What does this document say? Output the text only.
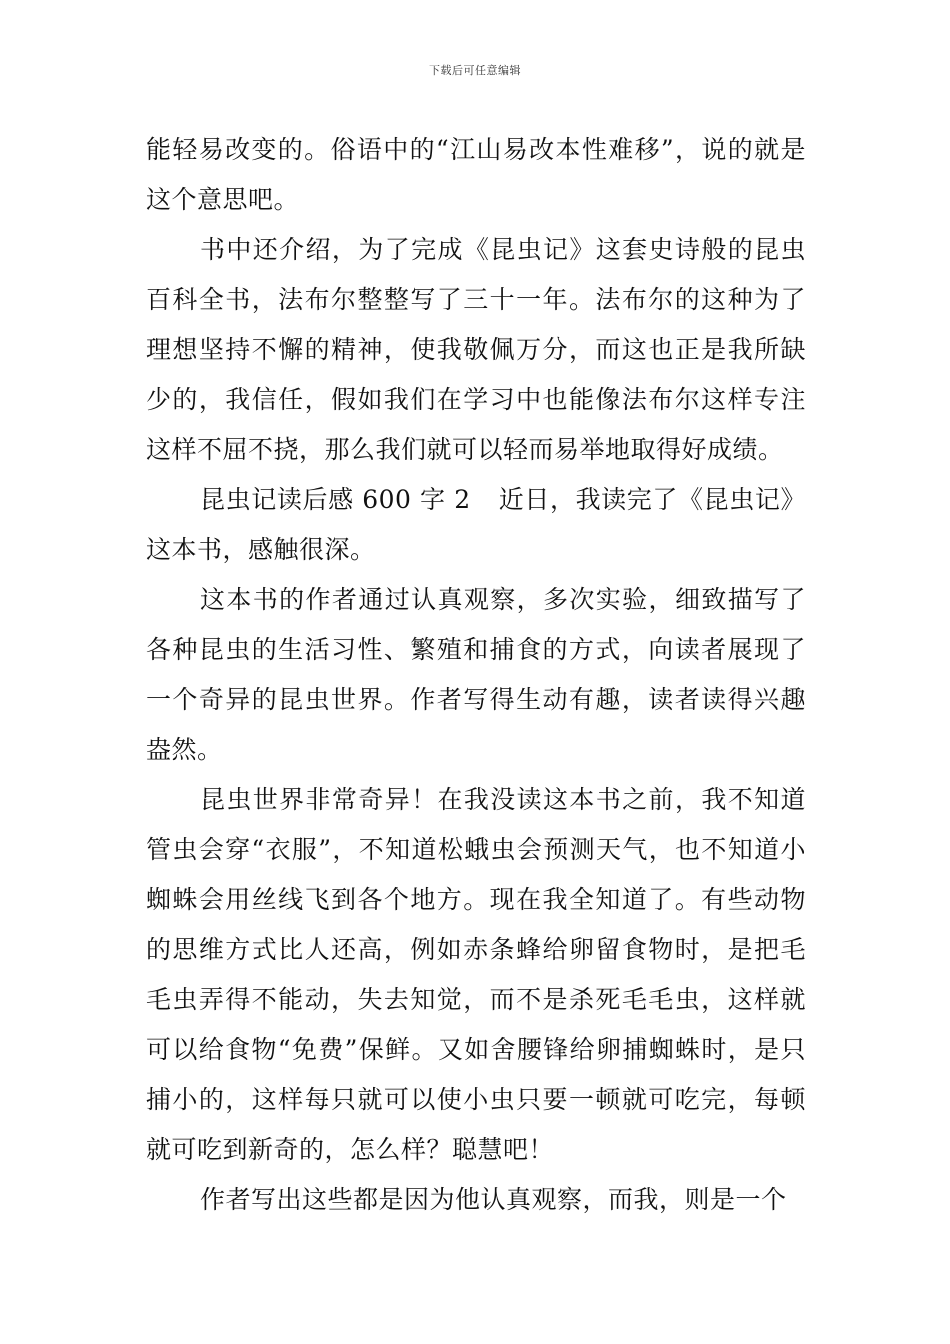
下载后可任意编辑

能轻易改变的。俗语中的“江山易改本性难移”，说的就是这个意思吧。

书中还介绍，为了完成《昆虫记》这套史诗般的昆虫百科全书，法布尔整整写了三十一年。法布尔的这种为了理想坚持不懈的精神，使我敬佩万分，而这也正是我所缺少的，我信任，假如我们在学习中也能像法布尔这样专注这样不屈不挠，那么我们就可以轻而易举地取得好成绩。

昆虫记读后感 600 字 2 近日，我读完了《昆虫记》这本书，感触很深。

这本书的作者通过认真观察，多次实验，细致描写了各种昆虫的生活习性、繁殖和捕食的方式，向读者展现了一个奇异的昆虫世界。作者写得生动有趣，读者读得兴趣盎然。

昆虫世界非常奇异！在我没读这本书之前，我不知道管虫会穿“衣服”，不知道松蛾虫会预测天气，也不知道小蜘蛛会用丝线飞到各个地方。现在我全知道了。有些动物的思维方式比人还高，例如赤条蜂给卵留食物时，是把毛毛虫弄得不能动，失去知觉，而不是杀死毛毛虫，这样就可以给食物“免费”保鲜。又如舍腰锋给卵捕蜘蛛时，是只捕小的，这样每只就可以使小虫只要一顿就可吃完，每顿就可吃到新奇的，怎么样？聪慧吧！

作者写出这些都是因为他认真观察，而我，则是一个
